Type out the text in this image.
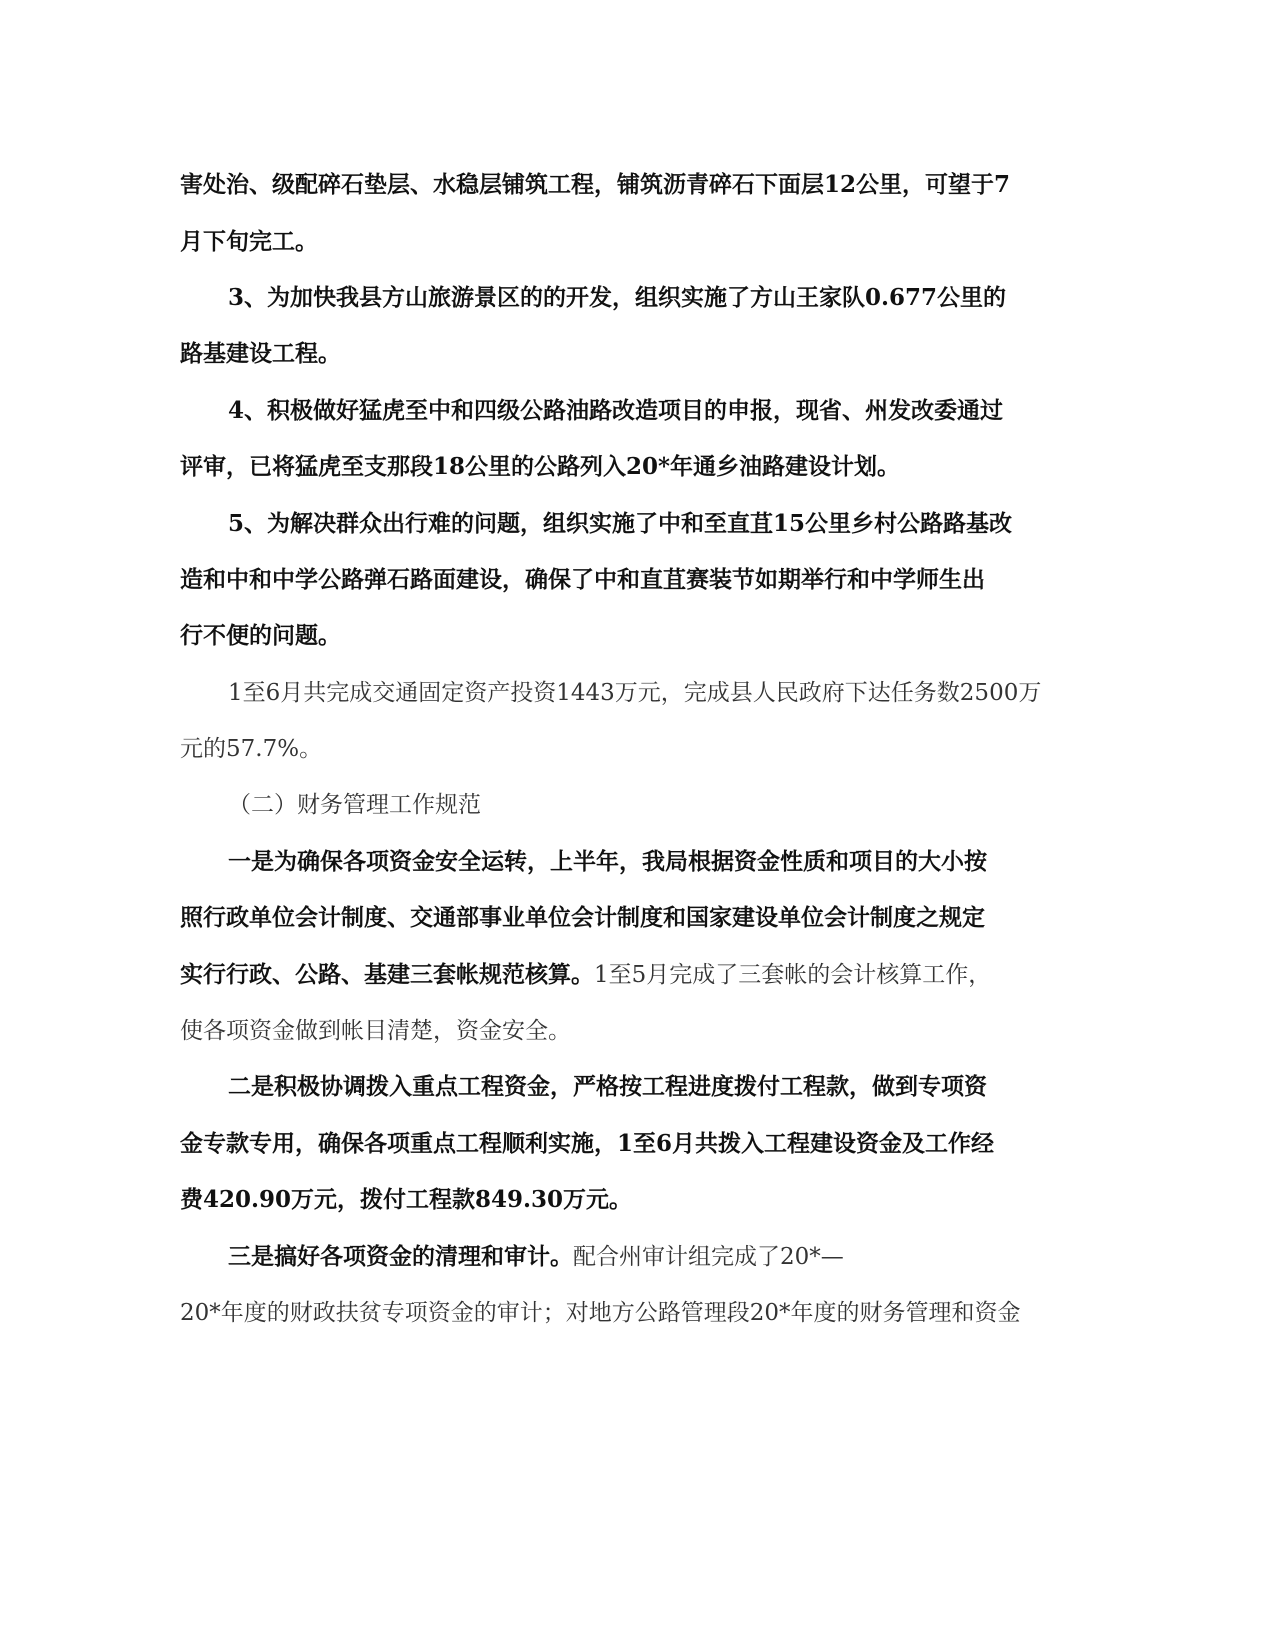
害处治、级配碎石垫层、水稳层铺筑工程，铺筑沥青碎石下面层12公里，可望于7
月下旬完工。
3、为加快我县方山旅游景区的的开发，组织实施了方山王家队0.677公里的
路基建设工程。
4、积极做好猛虎至中和四级公路油路改造项目的申报，现省、州发改委通过
评审，已将猛虎至支那段18公里的公路列入20*年通乡油路建设计划。
5、为解决群众出行难的问题，组织实施了中和至直苴15公里乡村公路路基改
造和中和中学公路弹石路面建设，确保了中和直苴赛装节如期举行和中学师生出
行不便的问题。
1至6月共完成交通固定资产投资1443万元，完成县人民政府下达任务数2500万
元的57.7%。
（二）财务管理工作规范
一是为确保各项资金安全运转，上半年，我局根据资金性质和项目的大小按
照行政单位会计制度、交通部事业单位会计制度和国家建设单位会计制度之规定
实行行政、公路、基建三套帐规范核算。1至5月完成了三套帐的会计核算工作，
使各项资金做到帐目清楚，资金安全。
二是积极协调拨入重点工程资金，严格按工程进度拨付工程款，做到专项资
金专款专用，确保各项重点工程顺利实施，1至6月共拨入工程建设资金及工作经
费420.90万元，拨付工程款849.30万元。
三是搞好各项资金的清理和审计。配合州审计组完成了20*—
20*年度的财政扶贫专项资金的审计；对地方公路管理段20*年度的财务管理和资金
